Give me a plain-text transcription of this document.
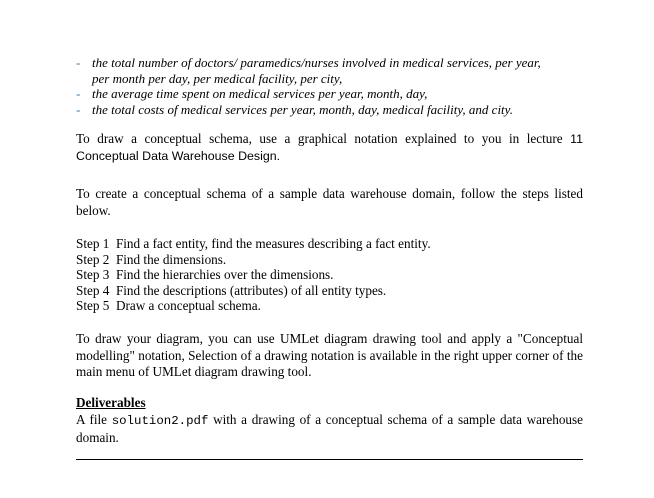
- the total number of doctors/ paramedics/nurses involved in medical services, per year,
per month per day, per medical facility, per city,
- the average time spent on medical services per year, month, day,
- the total costs of medical services per year, month, day, medical facility, and city.
To draw a conceptual schema, use a graphical notation explained to you in lecture 11 Conceptual Data Warehouse Design.
To create a conceptual schema of a sample data warehouse domain, follow the steps listed below.
Step 1 Find a fact entity, find the measures describing a fact entity.
Step 2 Find the dimensions.
Step 3 Find the hierarchies over the dimensions.
Step 4 Find the descriptions (attributes) of all entity types.
Step 5 Draw a conceptual schema.
To draw your diagram, you can use UMLet diagram drawing tool and apply a "Conceptual modelling" notation, Selection of a drawing notation is available in the right upper corner of the main menu of UMLet diagram drawing tool.
Deliverables
A file solution2.pdf with a drawing of a conceptual schema of a sample data warehouse domain.
